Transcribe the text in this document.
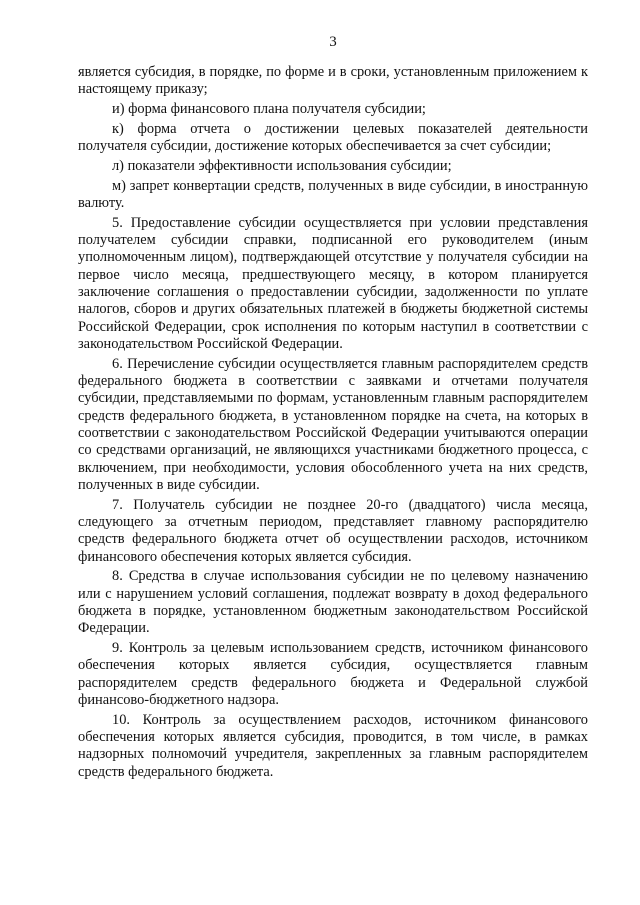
3

является субсидия, в порядке, по форме и в сроки, установленным приложением к настоящему приказу;

и) форма финансового плана получателя субсидии;

к) форма отчета о достижении целевых показателей деятельности получателя субсидии, достижение которых обеспечивается за счет субсидии;

л) показатели эффективности использования субсидии;

м) запрет конвертации средств, полученных в виде субсидии, в иностранную валюту.

5. Предоставление субсидии осуществляется при условии представления получателем субсидии справки, подписанной его руководителем (иным уполномоченным лицом), подтверждающей отсутствие у получателя субсидии на первое число месяца, предшествующего месяцу, в котором планируется заключение соглашения о предоставлении субсидии, задолженности по уплате налогов, сборов и других обязательных платежей в бюджеты бюджетной системы Российской Федерации, срок исполнения по которым наступил в соответствии с законодательством Российской Федерации.

6. Перечисление субсидии осуществляется главным распорядителем средств федерального бюджета в соответствии с заявками и отчетами получателя субсидии, представляемыми по формам, установленным главным распорядителем средств федерального бюджета, в установленном порядке на счета, на которых в соответствии с законодательством Российской Федерации учитываются операции со средствами организаций, не являющихся участниками бюджетного процесса, с включением, при необходимости, условия обособленного учета на них средств, полученных в виде субсидии.

7. Получатель субсидии не позднее 20-го (двадцатого) числа месяца, следующего за отчетным периодом, представляет главному распорядителю средств федерального бюджета отчет об осуществлении расходов, источником финансового обеспечения которых является субсидия.

8. Средства в случае использования субсидии не по целевому назначению или с нарушением условий соглашения, подлежат возврату в доход федерального бюджета в порядке, установленном бюджетным законодательством Российской Федерации.

9. Контроль за целевым использованием средств, источником финансового обеспечения которых является субсидия, осуществляется главным распорядителем средств федерального бюджета и Федеральной службой финансово-бюджетного надзора.

10. Контроль за осуществлением расходов, источником финансового обеспечения которых является субсидия, проводится, в том числе, в рамках надзорных полномочий учредителя, закрепленных за главным распорядителем средств федерального бюджета.
